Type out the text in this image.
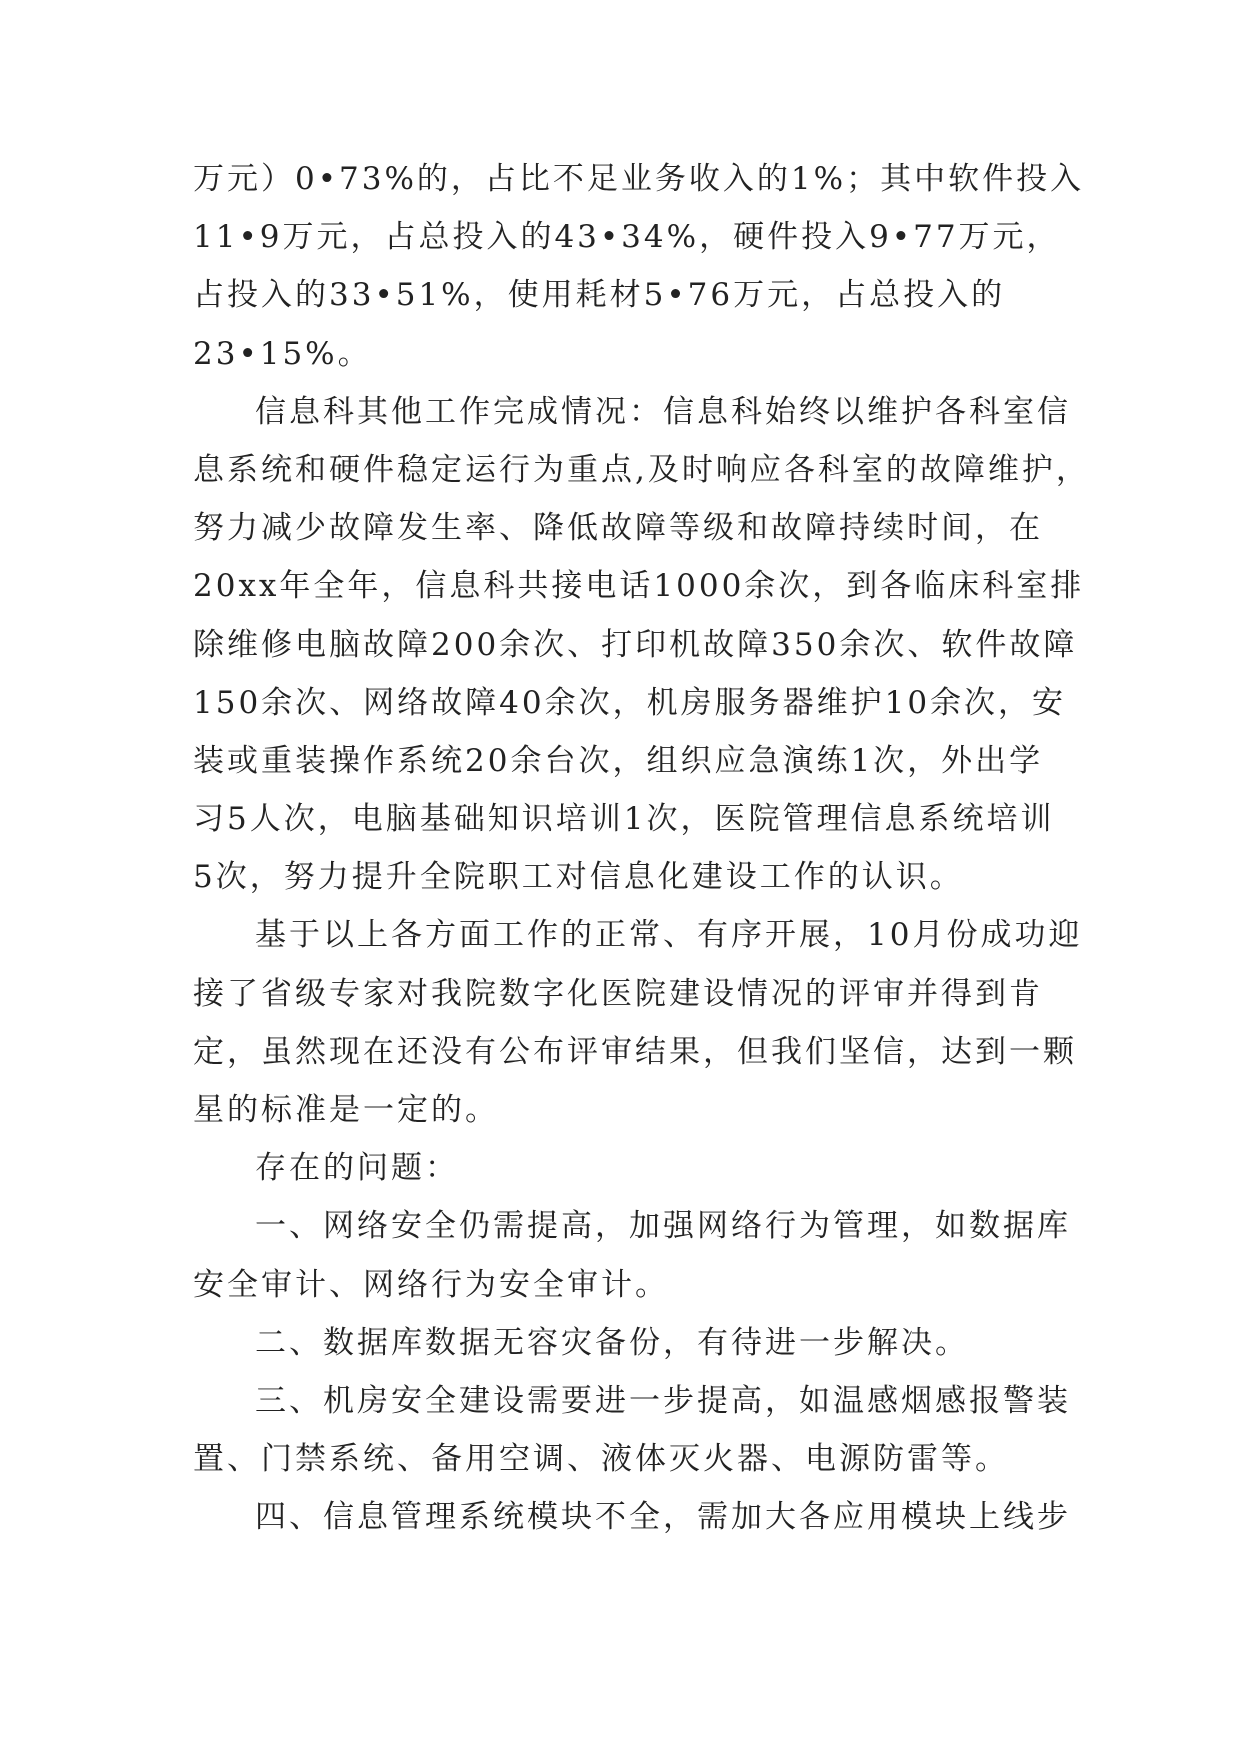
万元）0•73%的，占比不足业务收入的1%；其中软件投入
11•9万元，占总投入的43•34%，硬件投入9•77万元，
占投入的33•51%，使用耗材5•76万元，占总投入的
23•15%。
信息科其他工作完成情况：信息科始终以维护各科室信
息系统和硬件稳定运行为重点,及时响应各科室的故障维护，
努力减少故障发生率、降低故障等级和故障持续时间，在
20xx年全年，信息科共接电话1000余次，到各临床科室排
除维修电脑故障200余次、打印机故障350余次、软件故障
150余次、网络故障40余次，机房服务器维护10余次，安
装或重装操作系统20余台次，组织应急演练1次，外出学
习5人次，电脑基础知识培训1次，医院管理信息系统培训
5次，努力提升全院职工对信息化建设工作的认识。
基于以上各方面工作的正常、有序开展，10月份成功迎
接了省级专家对我院数字化医院建设情况的评审并得到肯
定，虽然现在还没有公布评审结果，但我们坚信，达到一颗
星的标准是一定的。
存在的问题：
一、网络安全仍需提高，加强网络行为管理，如数据库
安全审计、网络行为安全审计。
二、数据库数据无容灾备份，有待进一步解决。
三、机房安全建设需要进一步提高，如温感烟感报警装
置、门禁系统、备用空调、液体灭火器、电源防雷等。
四、信息管理系统模块不全，需加大各应用模块上线步
